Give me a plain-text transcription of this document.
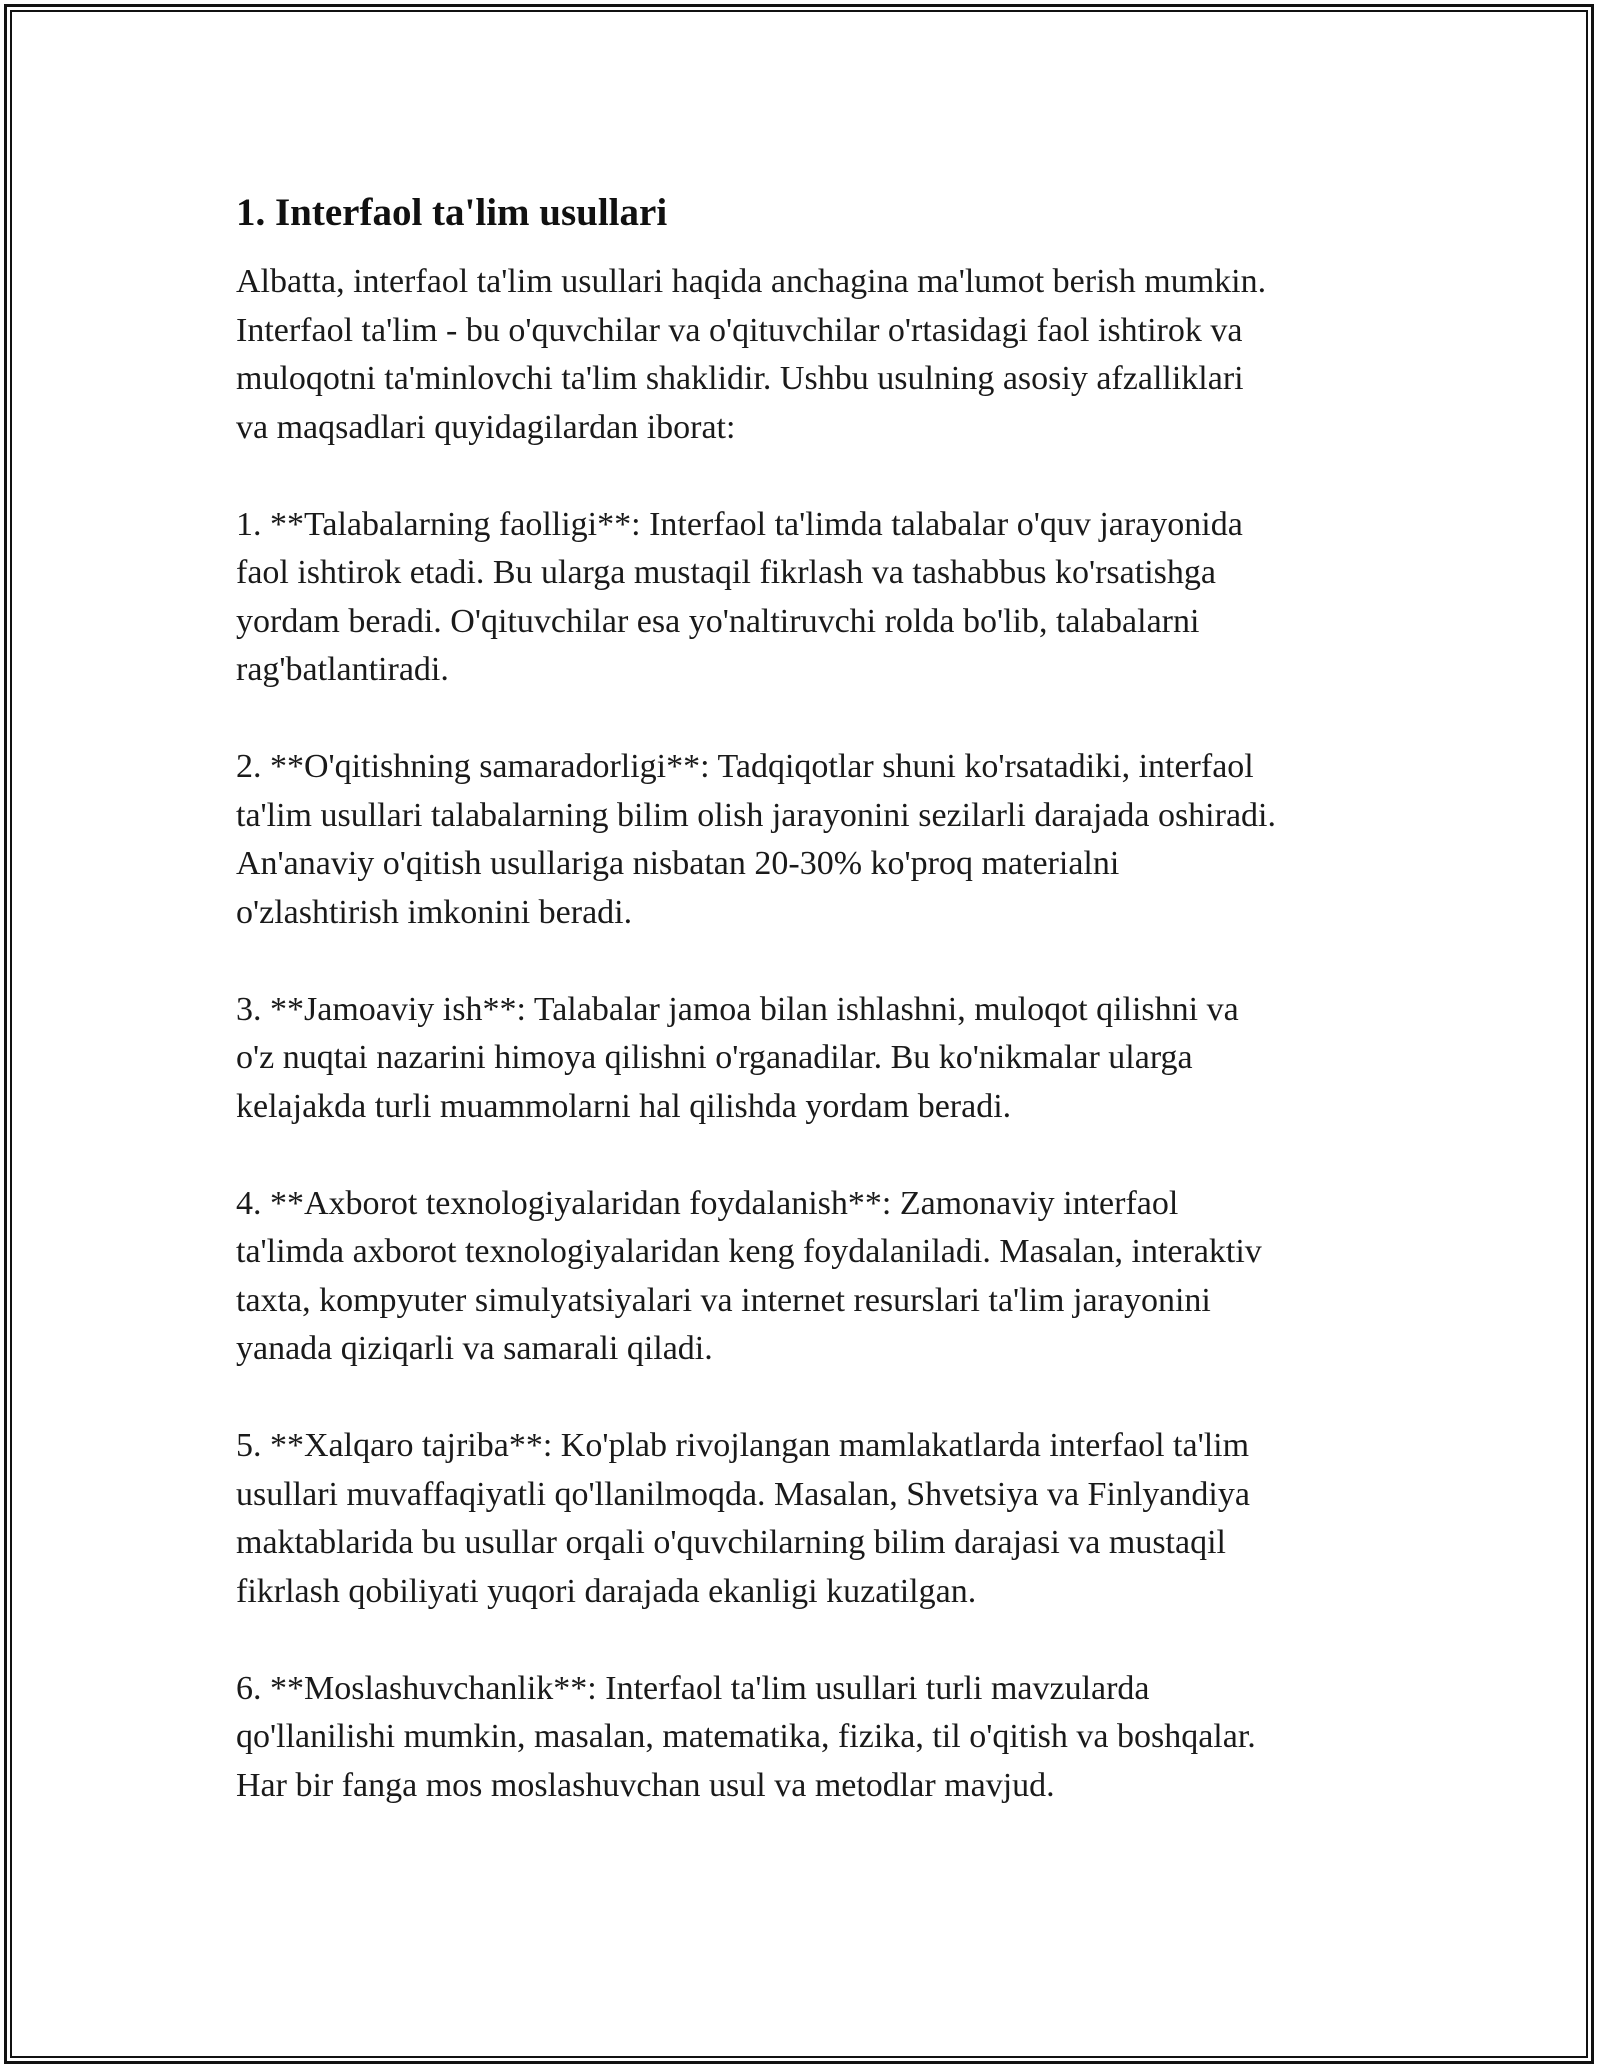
1. Interfaol ta'lim usullari

Albatta, interfaol ta'lim usullari haqida anchagina ma'lumot berish mumkin.
Interfaol ta'lim - bu o'quvchilar va o'qituvchilar o'rtasidagi faol ishtirok va
muloqotni ta'minlovchi ta'lim shaklidir. Ushbu usulning asosiy afzalliklari
va maqsadlari quyidagilardan iborat:

1. **Talabalarning faolligi**: Interfaol ta'limda talabalar o'quv jarayonida
faol ishtirok etadi. Bu ularga mustaqil fikrlash va tashabbus ko'rsatishga
yordam beradi. O'qituvchilar esa yo'naltiruvchi rolda bo'lib, talabalarni
rag'batlantiradi.

2. **O'qitishning samaradorligi**: Tadqiqotlar shuni ko'rsatadiki, interfaol
ta'lim usullari talabalarning bilim olish jarayonini sezilarli darajada oshiradi.
An'anaviy o'qitish usullariga nisbatan 20-30% ko'proq materialni
o'zlashtirish imkonini beradi.

3. **Jamoaviy ish**: Talabalar jamoa bilan ishlashni, muloqot qilishni va
o'z nuqtai nazarini himoya qilishni o'rganadilar. Bu ko'nikmalar ularga
kelajakda turli muammolarni hal qilishda yordam beradi.

4. **Axborot texnologiyalaridan foydalanish**: Zamonaviy interfaol
ta'limda axborot texnologiyalaridan keng foydalaniladi. Masalan, interaktiv
taxta, kompyuter simulyatsiyalari va internet resurslari ta'lim jarayonini
yanada qiziqarli va samarali qiladi.

5. **Xalqaro tajriba**: Ko'plab rivojlangan mamlakatlarda interfaol ta'lim
usullari muvaffaqiyatli qo'llanilmoqda. Masalan, Shvetsiya va Finlyandiya
maktablarida bu usullar orqali o'quvchilarning bilim darajasi va mustaqil
fikrlash qobiliyati yuqori darajada ekanligi kuzatilgan.

6. **Moslashuvchanlik**: Interfaol ta'lim usullari turli mavzularda
qo'llanilishi mumkin, masalan, matematika, fizika, til o'qitish va boshqalar.
Har bir fanga mos moslashuvchan usul va metodlar mavjud.
